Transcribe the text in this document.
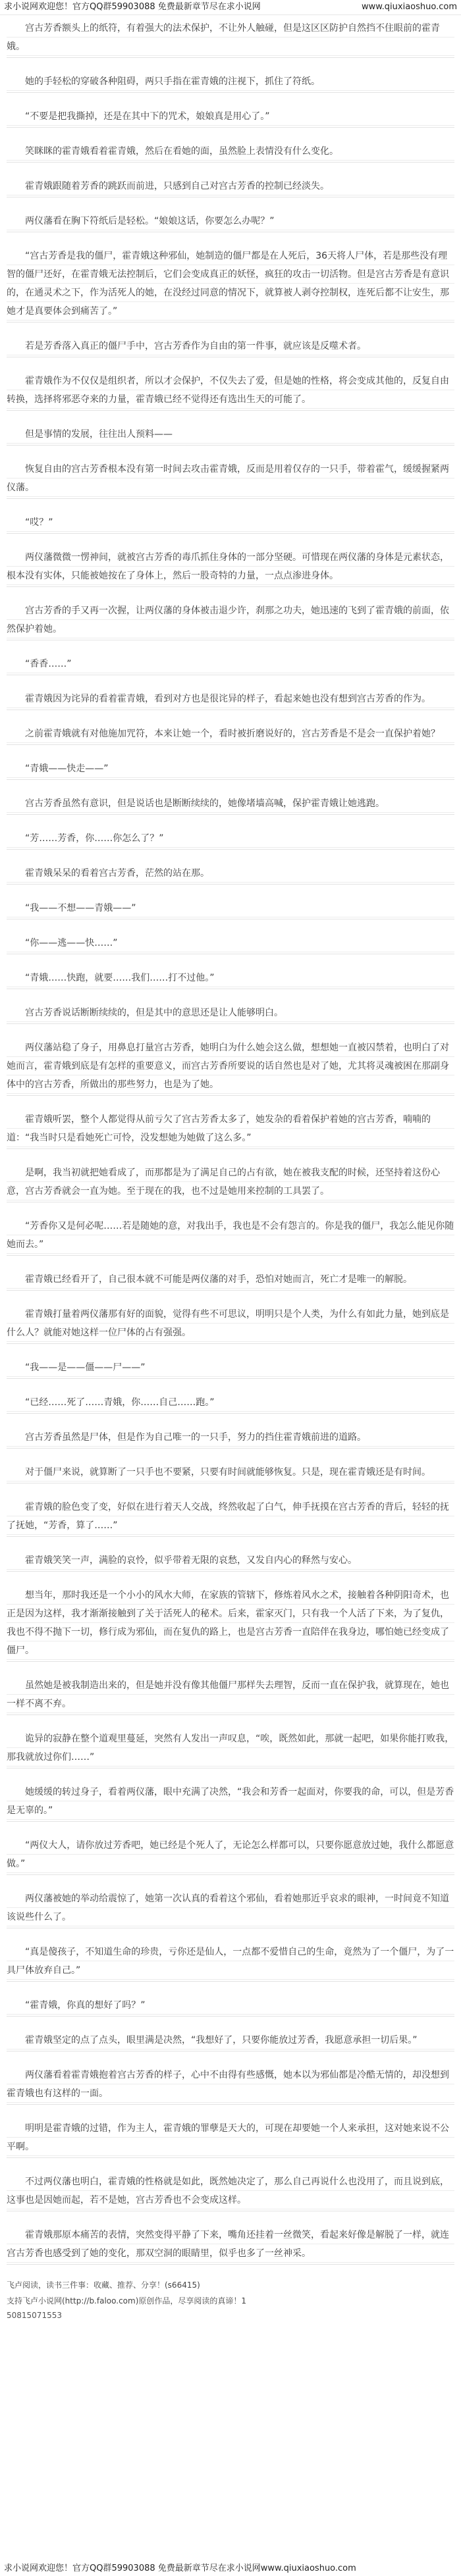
求小说网欢迎您！官方QQ群59903088 免费最新章节尽在求小说网	www.qiuxiaoshuo.com

宫古芳香额头上的纸符，有着强大的法术保护，不让外人触碰，但是这区区防护自然挡不住眼前的霍青娥。

她的手轻松的穿破各种阻碍，两只手指在霍青娥的注视下，抓住了符纸。

“不要是把我撕掉，还是在其中下的咒术，娘娘真是用心了。”

笑眯眯的霍青娥看着霍青娥，然后在看她的面，虽然脸上表情没有什么变化。

霍青娥跟随着芳香的跳跃而前进，只感到自己对宫古芳香的控制已经淡失。

两仪藩看在胸下符纸后是轻松。“娘娘这话，你要怎么办呢？”

“宫古芳香是我的僵尸，霍青娥这种邪仙，她制造的僵尸都是在人死后，36天将人尸体，若是那些没有理智的僵尸还好，在霍青娥无法控制后，它们会变成真正的妖怪，疯狂的攻击一切活物。但是宫古芳香是有意识的，在通灵术之下，作为活死人的她，在没经过同意的情况下，就算被人剥夺控制权，连死后都不让安生，那她才是真要体会到痛苦了。”

若是芳香落入真正的僵尸手中，宫古芳香作为自由的第一件事，就应该是反噬术者。

霍青娥作为不仅仅是组织者，所以才会保护，不仅失去了爱，但是她的性格，将会变成其他的，反复自由转换，选择将邪恶夺来的力量，霍青娥已经不觉得还有选出生天的可能了。

但是事情的发展，往往出人预料——

恢复自由的宫古芳香根本没有第一时间去攻击霍青娥，反而是用着仅存的一只手，带着霍气，缓缓握紧两仪藩。

“哎？”

两仪藩微微一愣神间，就被宫古芳香的毒爪抓住身体的一部分坚硬。可惜现在两仪藩的身体是元素状态，根本没有实体，只能被她按在了身体上，然后一股奇特的力量，一点点渗进身体。

宫古芳香的手又再一次握，让两仪藩的身体被击退少许，刹那之功夫，她迅速的飞到了霍青娥的前面，依然保护着她。

“香香……”

霍青娥因为诧异的看着霍青娥，看到对方也是很诧异的样子，看起来她也没有想到宫古芳香的作为。

之前霍青娥就有对他施加咒符，本来让她一个，看时被折磨说好的，宫古芳香是不是会一直保护着她？

“青娥——快走——”

宫古芳香虽然有意识，但是说话也是断断续续的，她像堵墙高喊，保护霍青娥让她逃跑。

“芳……芳香，你……你怎么了？”

霍青娥呆呆的看着宫古芳香，茫然的站在那。

“我——不想——青娥——”

“你——逃——快……”

“青娥……快跑，就要……我们……打不过他。”

宫古芳香说话断断续续的，但是其中的意思还是让人能够明白。

两仪藩站稳了身子，用鼻息打量宫古芳香，她明白为什么她会这么做，想想她一直被囚禁着，也明白了对她而言，霍青娥到底是有怎样的重要意义，而宫古芳香所要说的话自然也是对了她，尤其将灵魂被困在那副身体中的宫古芳香，所做出的那些努力，也是为了她。

霍青娥听罢，整个人都觉得从前亏欠了宫古芳香太多了，她发杂的看着保护着她的宫古芳香，喃喃的道：“我当时只是看她死亡可怜，没发想她为她做了这么多。”

是啊，我当初就把她看成了，而那都是为了满足自己的占有欲，她在被我支配的时候，还坚持着这份心意，宫古芳香就会一直为她。至于现在的我，也不过是她用来控制的工具罢了。

“芳香你又是何必呢……若是随她的意，对我出手，我也是不会有怨言的。你是我的僵尸，我怎么能见你随她而去。”

霍青娥已经看开了，自己很本就不可能是两仪藩的对手，恐怕对她而言，死亡才是唯一的解脱。

霍青娥打量着两仪藩那有好的面貌，觉得有些不可思议，明明只是个人类，为什么有如此力量，她到底是什么人？就能对她这样一位尸体的占有强强。

“我——是——僵——尸——”

“已经……死了……青娥，你……自己……跑。”

宫古芳香虽然是尸体，但是作为自己唯一的一只手，努力的挡住霍青娥前进的道路。

对于僵尸来说，就算断了一只手也不要紧，只要有时间就能够恢复。只是，现在霍青娥还是有时间。

霍青娥的脸色变了变，好似在进行着天人交战，终然收起了白气，伸手抚摸在宫古芳香的背后，轻轻的抚了抚她，“芳香，算了……”

霍青娥笑笑一声，满脸的哀怜，似乎带着无限的哀愁，又发自内心的释然与安心。

想当年，那时我还是一个小小的风水大师，在家族的管辖下，修炼着风水之术，接触着各种阴阳奇术，也正是因为这样，我才渐渐接触到了关于活死人的秘术。后来，霍家灭门，只有我一个人活了下来，为了复仇，我也不得不抛下一切，修行成为邪仙，而在复仇的路上，也是宫古芳香一直陪伴在我身边，哪怕她已经变成了僵尸。

虽然她是被我制造出来的，但是她并没有像其他僵尸那样失去理智，反而一直在保护我，就算现在，她也一样不离不弃。

诡异的寂静在整个道观里蔓延，突然有人发出一声叹息，“唉，既然如此，那就一起吧，如果你能打败我，那我就放过你们……”

她缓缓的转过身子，看着两仪藩，眼中充满了决然，“我会和芳香一起面对，你要我的命，可以，但是芳香是无辜的。”

“两仪大人，请你放过芳香吧，她已经是个死人了，无论怎么样都可以，只要你愿意放过她，我什么都愿意做。”

两仪藩被她的举动给震惊了，她第一次认真的看着这个邪仙，看着她那近乎哀求的眼神，一时间竟不知道该说些什么了。

“真是傻孩子，不知道生命的珍贵，亏你还是仙人，一点都不爱惜自己的生命，竟然为了一个僵尸，为了一具尸体放弃自己。”

“霍青娥，你真的想好了吗？”

霍青娥坚定的点了点头，眼里满是决然，“我想好了，只要你能放过芳香，我愿意承担一切后果。”

两仪藩看着霍青娥抱着宫古芳香的样子，心中不由得有些感慨，她本以为邪仙都是冷酷无情的，却没想到霍青娥也有这样的一面。

明明是霍青娥的过错，作为主人，霍青娥的罪孽是天大的，可现在却要她一个人来承担，这对她来说不公平啊。

不过两仪藩也明白，霍青娥的性格就是如此，既然她决定了，那么自己再说什么也没用了，而且说到底，这事也是因她而起，若不是她，宫古芳香也不会变成这样。

霍青娥那原本痛苦的表情，突然变得平静了下来，嘴角还挂着一丝微笑，看起来好像是解脱了一样，就连宫古芳香也感受到了她的变化，那双空洞的眼睛里，似乎也多了一丝神采。

飞卢阅读，读书三件事：收藏、推荐、分享！(s66415)

支持飞卢小说网(http://b.faloo.com)原创作品，尽享阅读的真谛！1

50815071553

求小说网欢迎您！官方QQ群59903088 免费最新章节尽在求小说网www.qiuxiaoshuo.com
